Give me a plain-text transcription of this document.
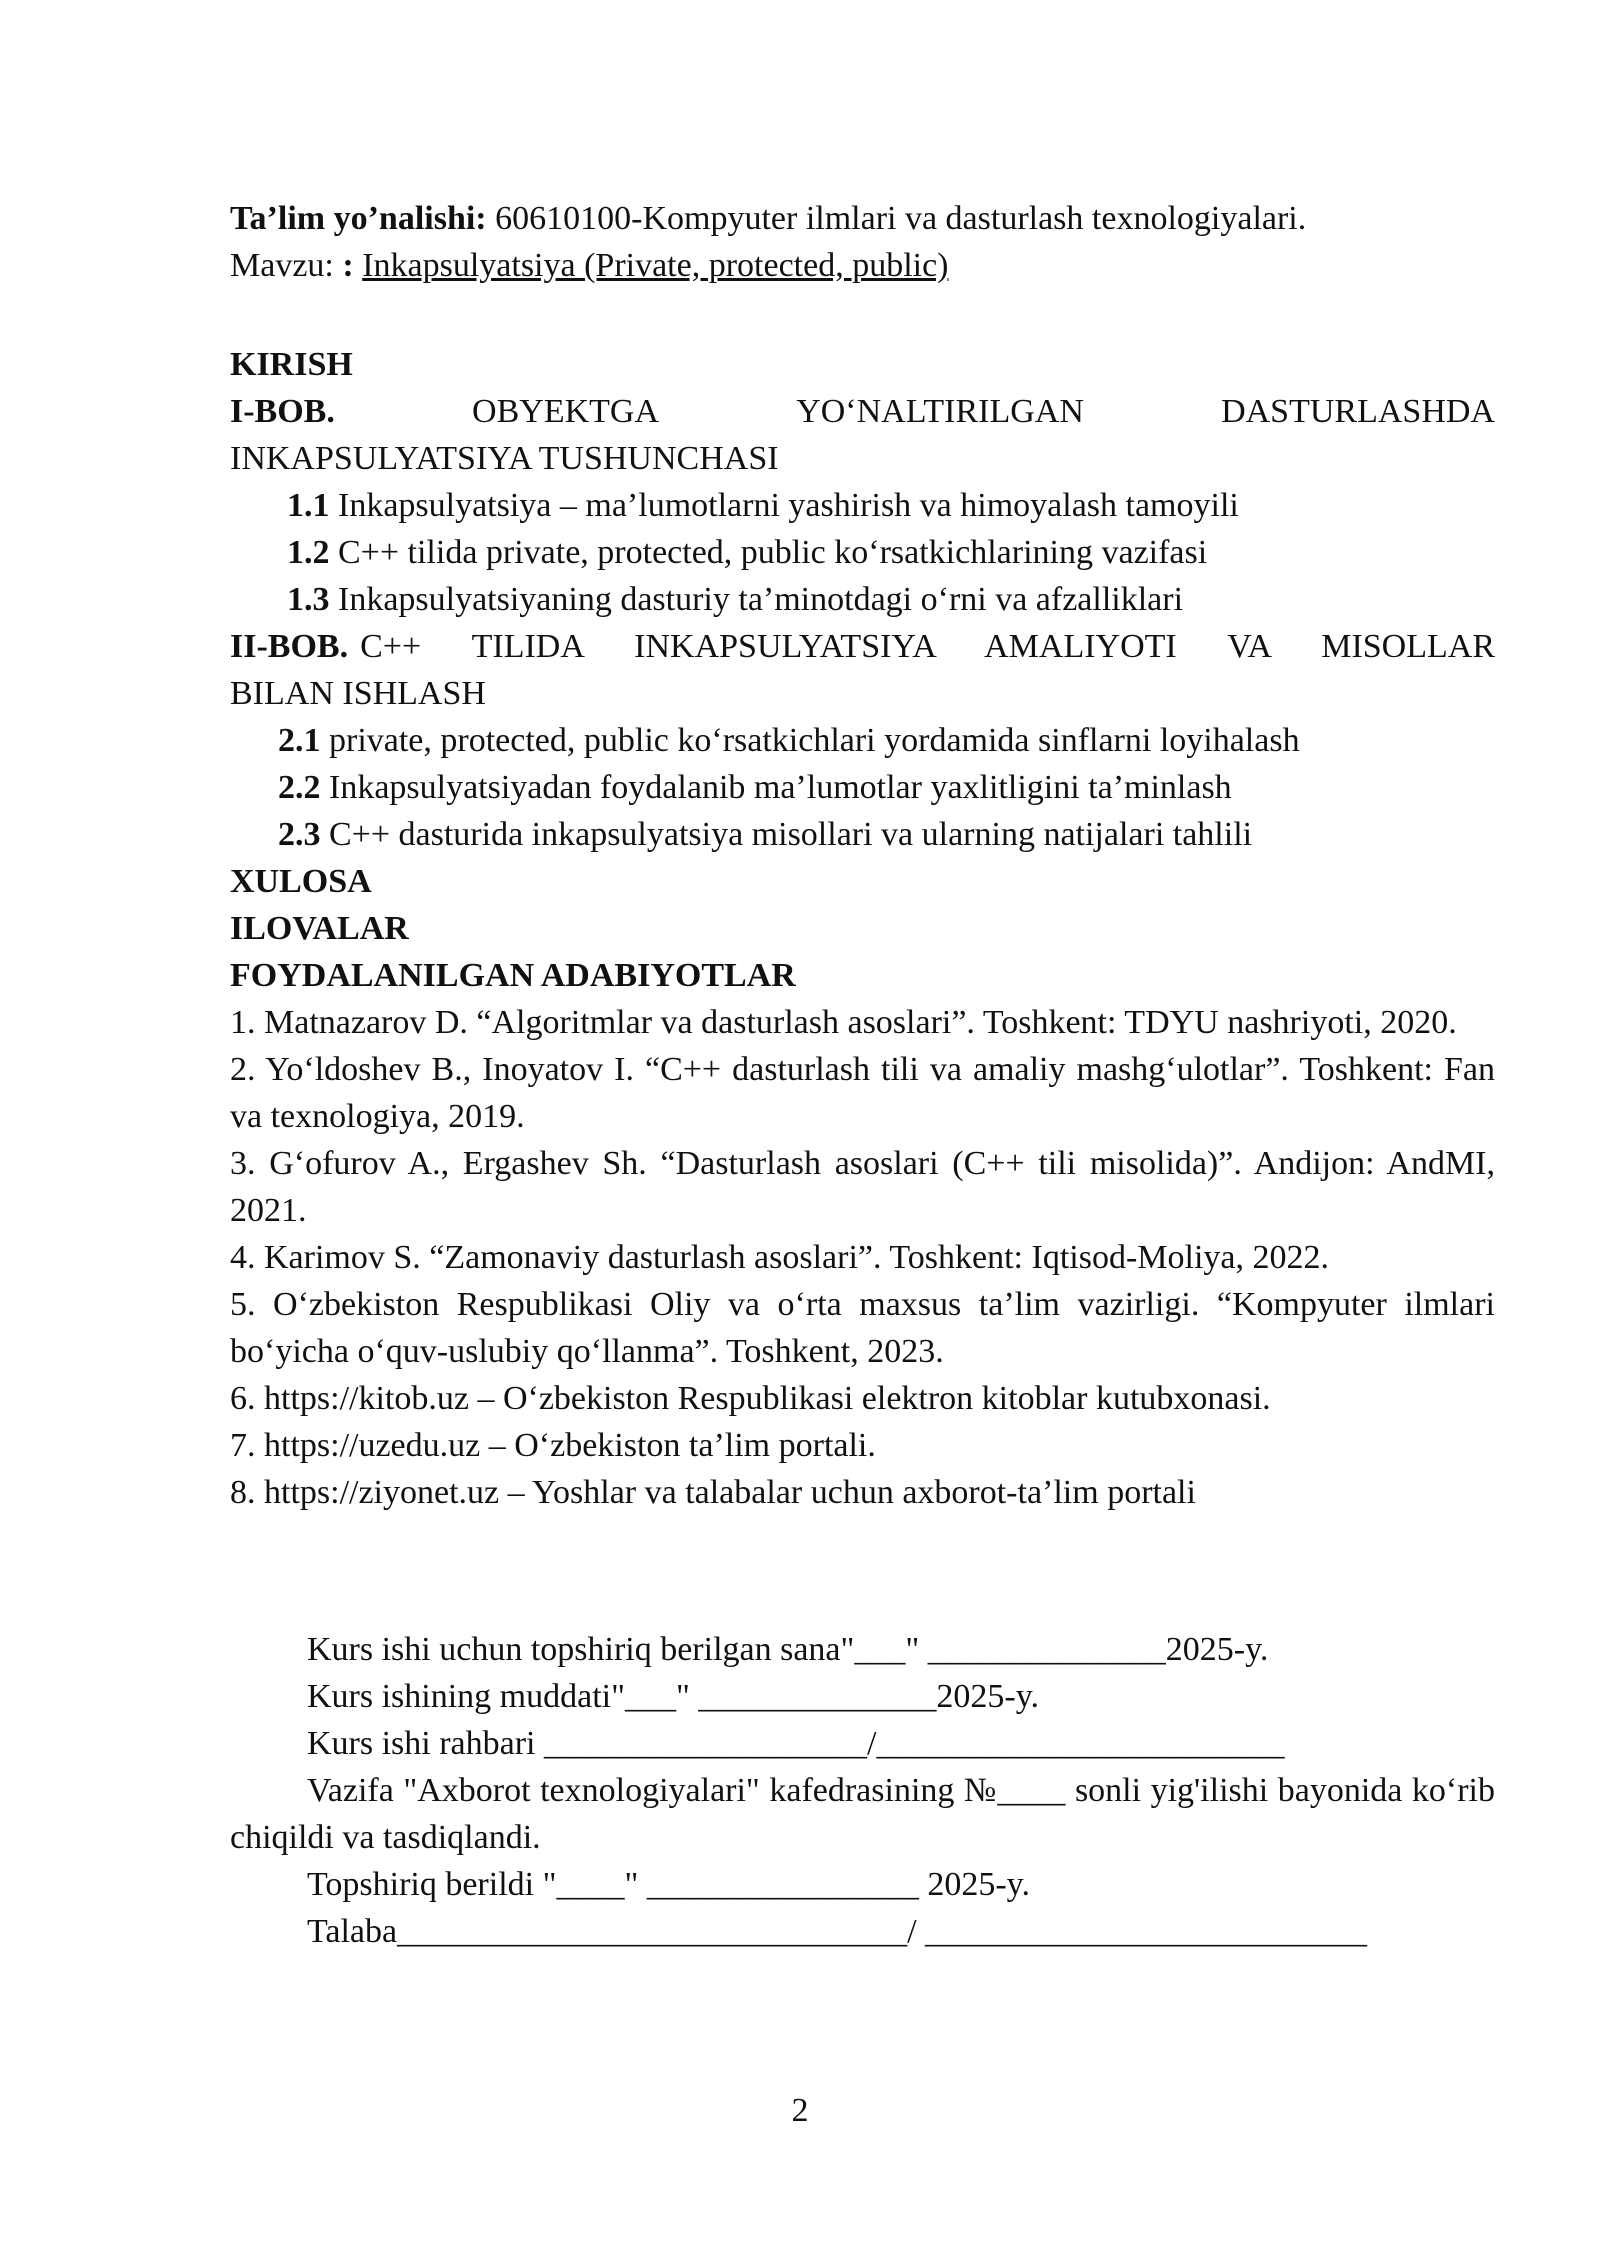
Ta’lim yo’nalishi: 60610100-Kompyuter ilmlari va dasturlash texnologiyalari.
Mavzu: : Inkapsulyatsiya (Private, protected, public)
KIRISH
I-BOB.	OBYEKTGA	YO‘NALTIRILGAN	DASTURLASHDA
INKAPSULYATSIYA TUSHUNCHASI
1.1 Inkapsulyatsiya – ma’lumotlarni yashirish va himoyalash tamoyili
1.2 C++ tilida private, protected, public ko‘rsatkichlarining vazifasi
1.3 Inkapsulyatsiyaning dasturiy ta’minotdagi o‘rni va afzalliklari
II-BOB. C++ TILIDA INKAPSULYATSIYA AMALIYOTI VA MISOLLAR
BILAN ISHLASH
2.1 private, protected, public ko‘rsatkichlari yordamida sinflarni loyihalash
2.2 Inkapsulyatsiyadan foydalanib ma’lumotlar yaxlitligini ta’minlash
2.3 C++ dasturida inkapsulyatsiya misollari va ularning natijalari tahlili
XULOSA
ILOVALAR
FOYDALANILGAN ADABIYOTLAR
1. Matnazarov D. “Algoritmlar va dasturlash asoslari”. Toshkent: TDYU nashriyoti, 2020.
2. Yo‘ldoshev B., Inoyatov I. “C++ dasturlash tili va amaliy mashg‘ulotlar”. Toshkent: Fan va texnologiya, 2019.
3. G‘ofurov A., Ergashev Sh. “Dasturlash asoslari (C++ tili misolida)”. Andijon: AndMI, 2021.
4. Karimov S. “Zamonaviy dasturlash asoslari”. Toshkent: Iqtisod-Moliya, 2022.
5. O‘zbekiston Respublikasi Oliy va o‘rta maxsus ta’lim vazirligi. “Kompyuter ilmlari bo‘yicha o‘quv-uslubiy qo‘llanma”. Toshkent, 2023.
6. https://kitob.uz – O‘zbekiston Respublikasi elektron kitoblar kutubxonasi.
7. https://uzedu.uz – O‘zbekiston ta’lim portali.
8. https://ziyonet.uz – Yoshlar va talabalar uchun axborot-ta’lim portali
Kurs ishi uchun topshiriq berilgan sana"___" ______________2025-y.
Kurs ishining muddati"___" ______________2025-y.
Kurs ishi rahbari ___________________/________________________
Vazifa "Axborot texnologiyalari" kafedrasining №____ sonli yig'ilishi bayonida ko‘rib chiqildi va tasdiqlandi.
Topshiriq berildi "____" ________________ 2025-y.
Talaba______________________________/ __________________________
2
